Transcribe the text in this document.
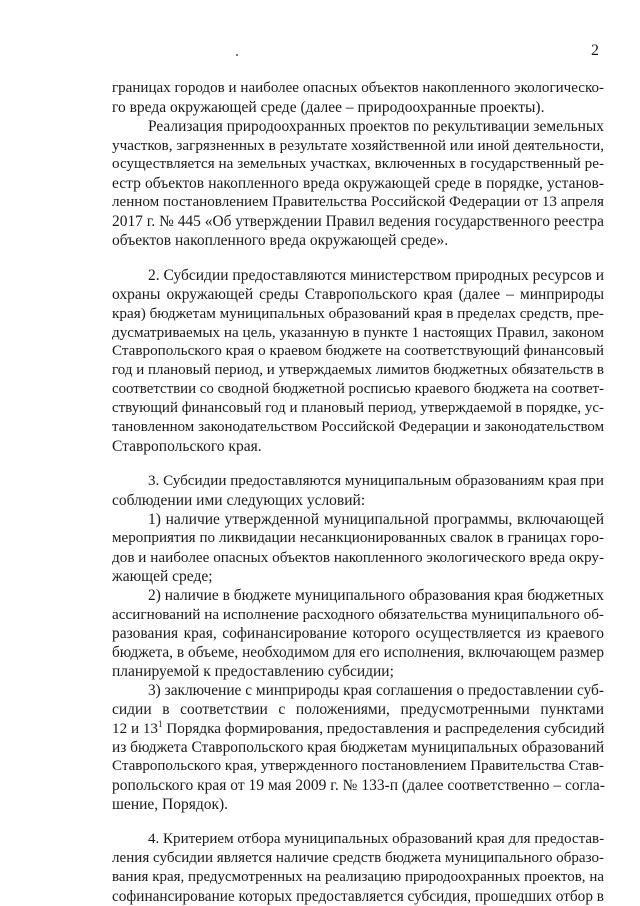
2
границах городов и наиболее опасных объектов накопленного экологическо-
го вреда окружающей среде (далее – природоохранные проекты).
Реализация природоохранных проектов по рекультивации земельных
участков, загрязненных в результате хозяйственной или иной деятельности,
осуществляется на земельных участках, включенных в государственный ре-
естр объектов накопленного вреда окружающей среде в порядке, установ-
ленном постановлением Правительства Российской Федерации от 13 апреля
2017 г. № 445 «Об утверждении Правил ведения государственного реестра
объектов накопленного вреда окружающей среде».
2. Субсидии предоставляются министерством природных ресурсов и
охраны окружающей среды Ставропольского края (далее – минприроды
края) бюджетам муниципальных образований края в пределах средств, пре-
дусматриваемых на цель, указанную в пункте 1 настоящих Правил, законом
Ставропольского края о краевом бюджете на соответствующий финансовый
год и плановый период, и утверждаемых лимитов бюджетных обязательств в
соответствии со сводной бюджетной росписью краевого бюджета на соответ-
ствующий финансовый год и плановый период, утверждаемой в порядке, ус-
тановленном законодательством Российской Федерации и законодательством
Ставропольского края.
3. Субсидии предоставляются муниципальным образованиям края при
соблюдении ими следующих условий:
1) наличие утвержденной муниципальной программы, включающей
мероприятия по ликвидации несанкционированных свалок в границах горо-
дов и наиболее опасных объектов накопленного экологического вреда окру-
жающей среде;
2) наличие в бюджете муниципального образования края бюджетных
ассигнований на исполнение расходного обязательства муниципального об-
разования края, софинансирование которого осуществляется из краевого
бюджета, в объеме, необходимом для его исполнения, включающем размер
планируемой к предоставлению субсидии;
3) заключение с минприроды края соглашения о предоставлении суб-
сидии в соответствии с положениями, предусмотренными пунктами
12 и $13^1$ Порядка формирования, предоставления и распределения субсидий
из бюджета Ставропольского края бюджетам муниципальных образований
Ставропольского края, утвержденного постановлением Правительства Став-
ропольского края от 19 мая 2009 г. № 133-п (далее соответственно – согла-
шение, Порядок).
4. Критерием отбора муниципальных образований края для предостав-
ления субсидии является наличие средств бюджета муниципального образо-
вания края, предусмотренных на реализацию природоохранных проектов, на
софинансирование которых предоставляется субсидия, прошедших отбор в
